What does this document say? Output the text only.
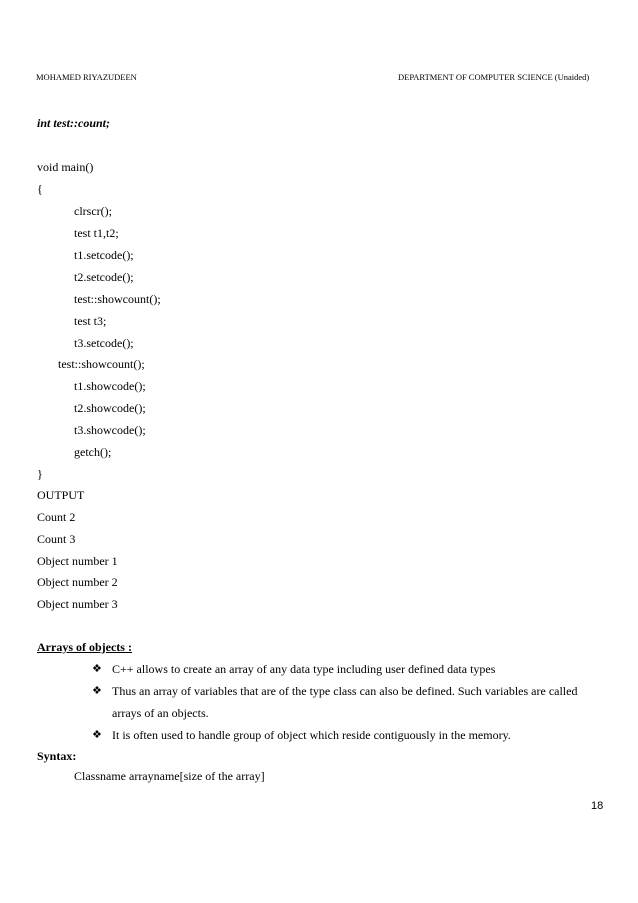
MOHAMED RIYAZUDEEN	DEPARTMENT OF COMPUTER SCIENCE (Unaided)
int test::count;
void main()
{
clrscr();
test t1,t2;
t1.setcode();
t2.setcode();
test::showcount();
test t3;
t3.setcode();
test::showcount();
t1.showcode();
t2.showcode();
t3.showcode();
getch();
}
OUTPUT
Count 2
Count 3
Object number 1
Object number 2
Object number 3
Arrays of objects :
❖ C++ allows to create an array of any data type including user defined data types
❖ Thus an array of variables that are of the type class can also be defined. Such variables are called
arrays of an objects.
❖ It is often used to handle group of object which reside contiguously in the memory.
Syntax:
Classname arrayname[size of the array]
18
